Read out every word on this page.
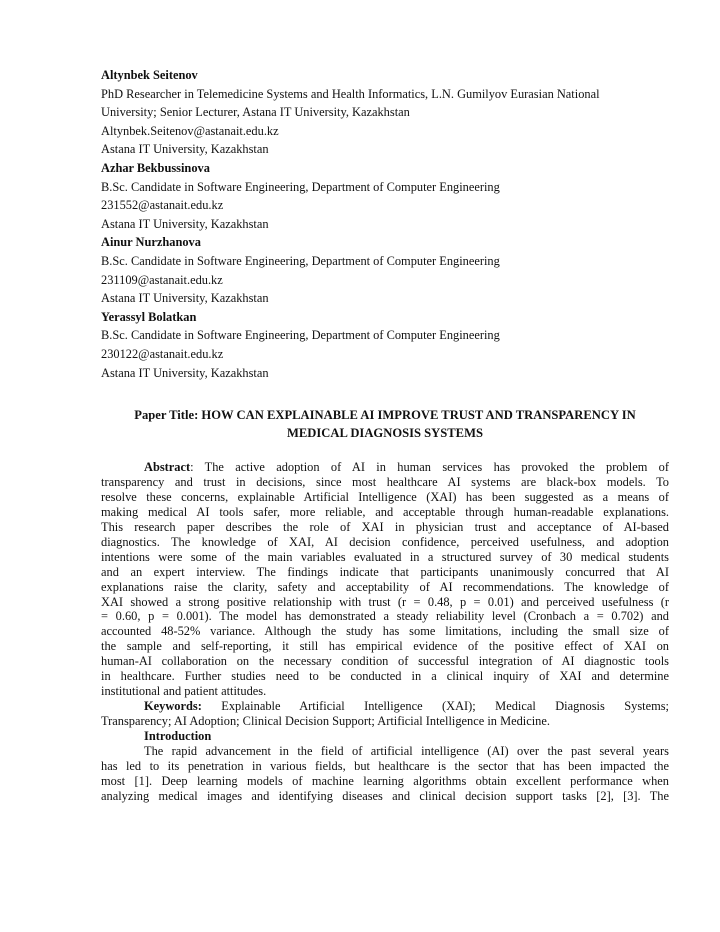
Altynbek Seitenov
PhD Researcher in Telemedicine Systems and Health Informatics, L.N. Gumilyov Eurasian National
University; Senior Lecturer, Astana IT University, Kazakhstan
Altynbek.Seitenov@astanait.edu.kz
Astana IT University, Kazakhstan
Azhar Bekbussinova
B.Sc. Candidate in Software Engineering, Department of Computer Engineering
231552@astanait.edu.kz
Astana IT University, Kazakhstan
Ainur Nurzhanova
B.Sc. Candidate in Software Engineering, Department of Computer Engineering
231109@astanait.edu.kz
Astana IT University, Kazakhstan
Yerassyl Bolatkan
B.Sc. Candidate in Software Engineering, Department of Computer Engineering
230122@astanait.edu.kz
Astana IT University, Kazakhstan
Paper Title: HOW CAN EXPLAINABLE AI IMPROVE TRUST AND TRANSPARENCY IN
MEDICAL DIAGNOSIS SYSTEMS
Abstract: The active adoption of AI in human services has provoked the problem of
transparency and trust in decisions, since most healthcare AI systems are black-box models. To
resolve these concerns, explainable Artificial Intelligence (XAI) has been suggested as a means of
making medical AI tools safer, more reliable, and acceptable through human-readable explanations.
This research paper describes the role of XAI in physician trust and acceptance of AI-based
diagnostics. The knowledge of XAI, AI decision confidence, perceived usefulness, and adoption
intentions were some of the main variables evaluated in a structured survey of 30 medical students
and an expert interview. The findings indicate that participants unanimously concurred that AI
explanations raise the clarity, safety and acceptability of AI recommendations. The knowledge of
XAI showed a strong positive relationship with trust (r = 0.48, p = 0.01) and perceived usefulness (r
= 0.60, p = 0.001). The model has demonstrated a steady reliability level (Cronbach a = 0.702) and
accounted 48-52% variance. Although the study has some limitations, including the small size of
the sample and self-reporting, it still has empirical evidence of the positive effect of XAI on
human-AI collaboration on the necessary condition of successful integration of AI diagnostic tools
in healthcare. Further studies need to be conducted in a clinical inquiry of XAI and determine
institutional and patient attitudes.
Keywords: Explainable Artificial Intelligence (XAI); Medical Diagnosis Systems;
Transparency; AI Adoption; Clinical Decision Support; Artificial Intelligence in Medicine.
Introduction
The rapid advancement in the field of artificial intelligence (AI) over the past several years
has led to its penetration in various fields, but healthcare is the sector that has been impacted the
most [1]. Deep learning models of machine learning algorithms obtain excellent performance when
analyzing medical images and identifying diseases and clinical decision support tasks [2], [3]. The
